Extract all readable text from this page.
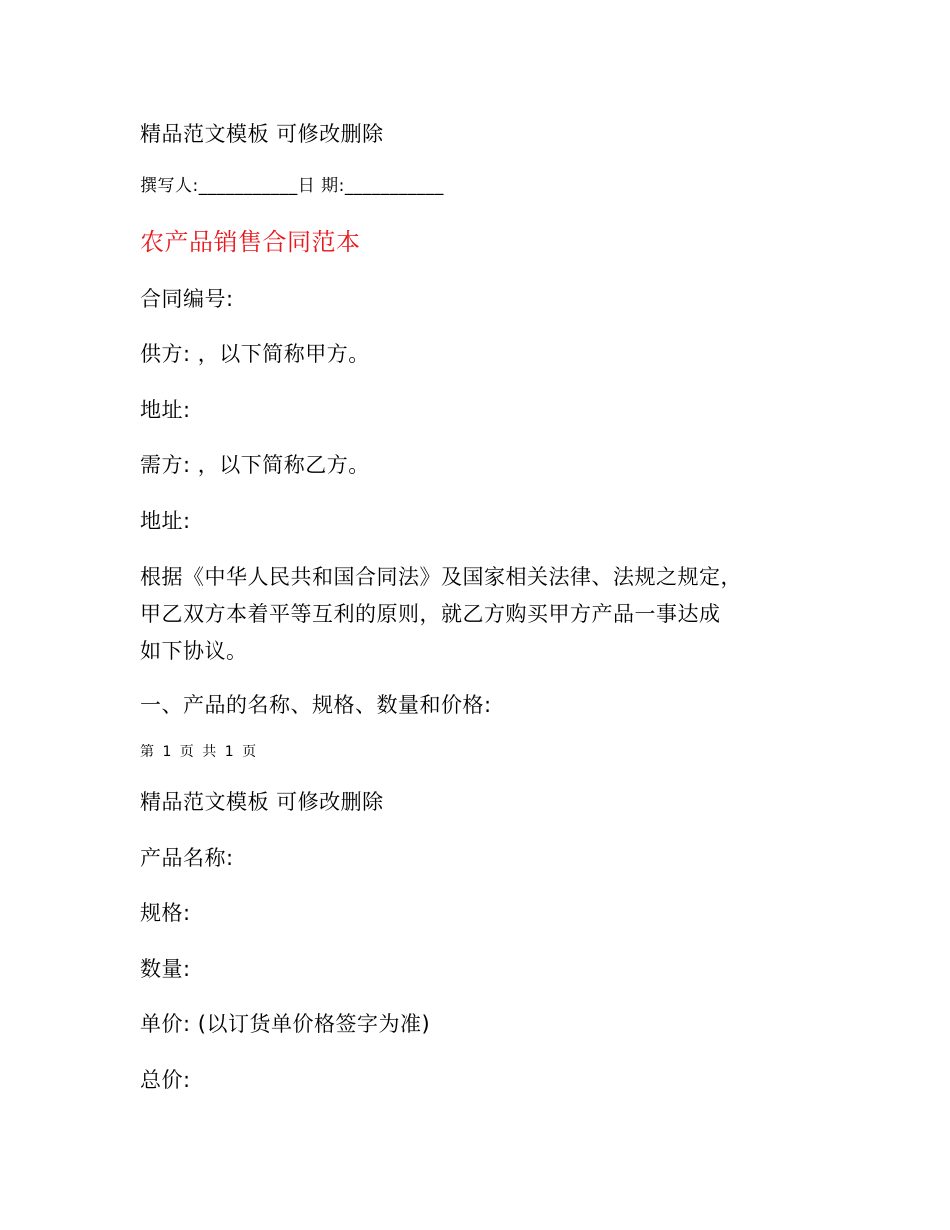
精品范文模板 可修改删除

撰写人:___________日 期:___________

农产品销售合同范本

合同编号:

供方: ，以下简称甲方。

地址:

需方: ，以下简称乙方。

地址:

根据《中华人民共和国合同法》及国家相关法律、法规之规定，
甲乙双方本着平等互利的原则，就乙方购买甲方产品一事达成
如下协议。

一、产品的名称、规格、数量和价格:

第 1 页 共 1 页

精品范文模板 可修改删除

产品名称:

规格:

数量:

单价: (以订货单价格签字为准)

总价:
